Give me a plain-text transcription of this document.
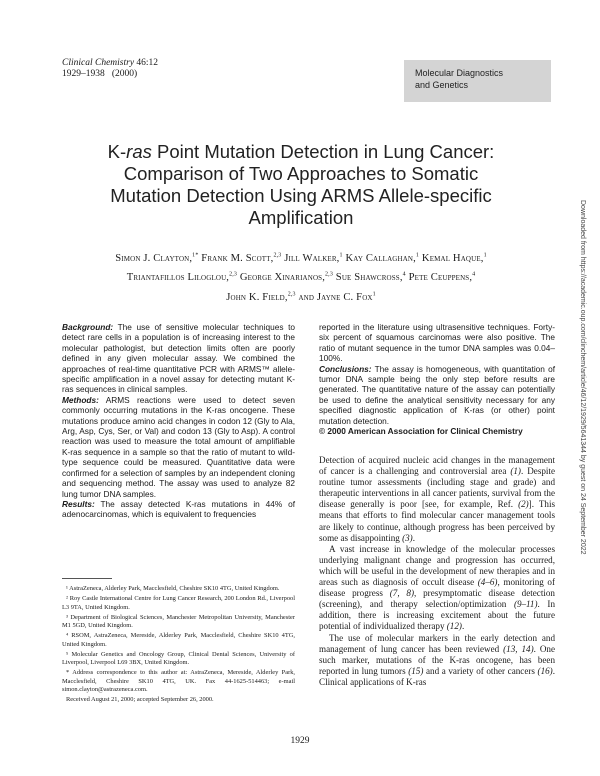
Clinical Chemistry 46:12
1929–1938   (2000)	Molecular Diagnostics
and Genetics
K-ras Point Mutation Detection in Lung Cancer:
Comparison of Two Approaches to Somatic
Mutation Detection Using ARMS Allele-specific
Amplification
Simon J. Clayton,$^{1*}$ Frank M. Scott,$^{2,3}$ Jill Walker,$^1$ Kay Callaghan,$^1$ Kemal Haque,$^1$
Triantafillos Liloglou,$^{2,3}$ George Xinarianos,$^{2,3}$ Sue Shawcross,$^4$ Pete Ceuppens,$^4$
John K. Field,$^{2,3}$ and Jayne C. Fox$^1$
Background: The use of sensitive molecular techniques to detect rare cells in a population is of increasing interest to the molecular pathologist, but detection limits often are poorly defined in any given molecular assay. We combined the approaches of real-time quantitative PCR with ARMS™ allele-specific amplification in a novel assay for detecting mutant K-ras sequences in clinical samples.
Methods: ARMS reactions were used to detect seven commonly occurring mutations in the K-ras oncogene. These mutations produce amino acid changes in codon 12 (Gly to Ala, Arg, Asp, Cys, Ser, or Val) and codon 13 (Gly to Asp). A control reaction was used to measure the total amount of amplifiable K-ras sequence in a sample so that the ratio of mutant to wild-type sequence could be measured. Quantitative data were confirmed for a selection of samples by an independent cloning and sequencing method. The assay was used to analyze 82 lung tumor DNA samples.
Results: The assay detected K-ras mutations in 44% of adenocarcinomas, which is equivalent to frequencies
reported in the literature using ultrasensitive techniques. Forty-six percent of squamous carcinomas were also positive. The ratio of mutant sequence in the tumor DNA samples was 0.04–100%.
Conclusions: The assay is homogeneous, with quantitation of tumor DNA sample being the only step before results are generated. The quantitative nature of the assay can potentially be used to define the analytical sensitivity necessary for any specified diagnostic application of K-ras (or other) point mutation detection.
© 2000 American Association for Clinical Chemistry

Detection of acquired nucleic acid changes in the management of cancer is a challenging and controversial area (1). Despite routine tumor assessments (including stage and grade) and therapeutic interventions in all cancer patients, survival from the disease generally is poor [see, for example, Ref. (2)]. This means that efforts to find molecular cancer management tools are likely to continue, although progress has been perceived by some as disappointing (3).

A vast increase in knowledge of the molecular processes underlying malignant change and progression has occurred, which will be useful in the development of new therapies and in areas such as diagnosis of occult disease (4–6), monitoring of disease progress (7, 8), presymptomatic disease detection (screening), and therapy selection/optimization (9–11). In addition, there is increasing excitement about the future potential of individualized therapy (12).

The use of molecular markers in the early detection and management of lung cancer has been reviewed (13, 14). One such marker, mutations of the K-ras oncogene, has been reported in lung tumors (15) and a variety of other cancers (16). Clinical applications of K-ras

¹ AstraZeneca, Alderley Park, Macclesfield, Cheshire SK10 4TG, United Kingdom.

² Roy Castle International Centre for Lung Cancer Research, 200 London Rd., Liverpool L3 9TA, United Kingdom.

³ Department of Biological Sciences, Manchester Metropolitan University, Manchester M1 5GD, United Kingdom.

⁴ RSOM, AstraZeneca, Mereside, Alderley Park, Macclesfield, Cheshire SK10 4TG, United Kingdom.

⁵ Molecular Genetics and Oncology Group, Clinical Dental Sciences, University of Liverpool, Liverpool L69 3BX, United Kingdom.

* Address correspondence to this author at: AstraZeneca, Mereside, Alderley Park, Macclesfield, Cheshire SK10 4TG, UK. Fax 44-1625-514463; e-mail simon.clayton@astrazeneca.com.

Received August 21, 2000; accepted September 26, 2000.

1929
Downloaded from https://academic.oup.com/clinchem/article/46/12/1929/5641344 by guest on 24 September 2022
